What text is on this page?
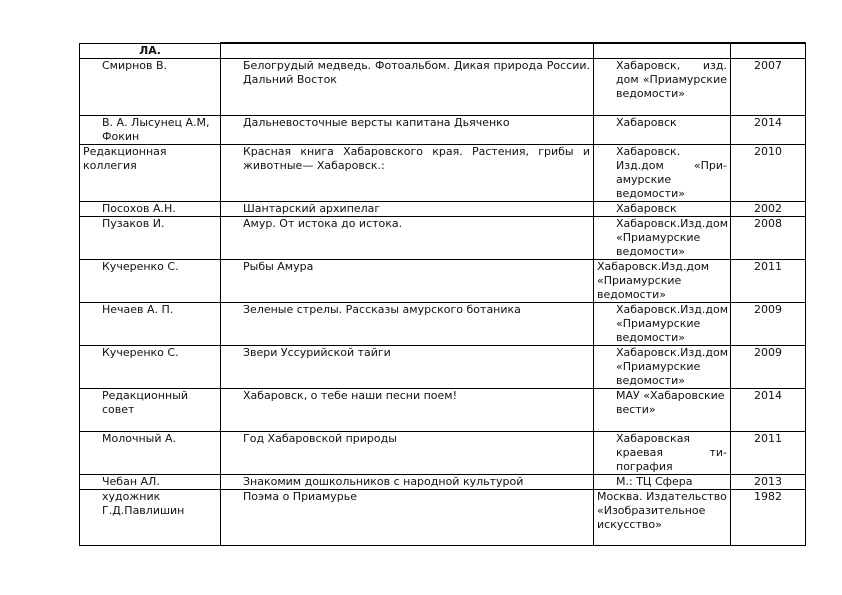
ЛА.			
Смирнов В.	Белогрудый медведь. Фотоальбом. Дикая природа России. Дальний Восток	Хабаровск, изд. дом «Приамурские ведомости»	2007
В. А. Лысунец А.М, Фокин	Дальневосточные версты капитана Дьяченко	Хабаровск	2014
Редакционная коллегия	Красная книга Хабаровского края. Растения, грибы и животные— Хабаровск.:	Хабаровск. Изд.дом «При-амурские ведомости»	2010
Посохов А.Н.	Шантарский архипелаг	Хабаровск	2002
Пузаков И.	Амур. От истока до истока.	Хабаровск.Изд.дом «Приамурские ведомости»	2008
Кучеренко С.	Рыбы Амура	Хабаровск.Изд.дом «Приамурские ведомости»	2011
Нечаев А. П.	Зеленые стрелы. Рассказы амурского ботаника	Хабаровск.Изд.дом «Приамурские ведомости»	2009
Кучеренко С.	Звери Уссурийской тайги	Хабаровск.Изд.дом «Приамурские ведомости»	2009
Редакционный совет	Хабаровск, о тебе наши песни поем!	МАУ «Хабаровские вести»	2014
Молочный А.	Год Хабаровской природы	Хабаровская краевая ти-пография	2011
Чебан АЛ.	Знакомим дошкольников с народной культурой	М.: ТЦ Сфера	2013
художник Г.Д.Павлишин	Поэма о Приамурье	Москва. Издательство «Изобразительное искусство»	1982
